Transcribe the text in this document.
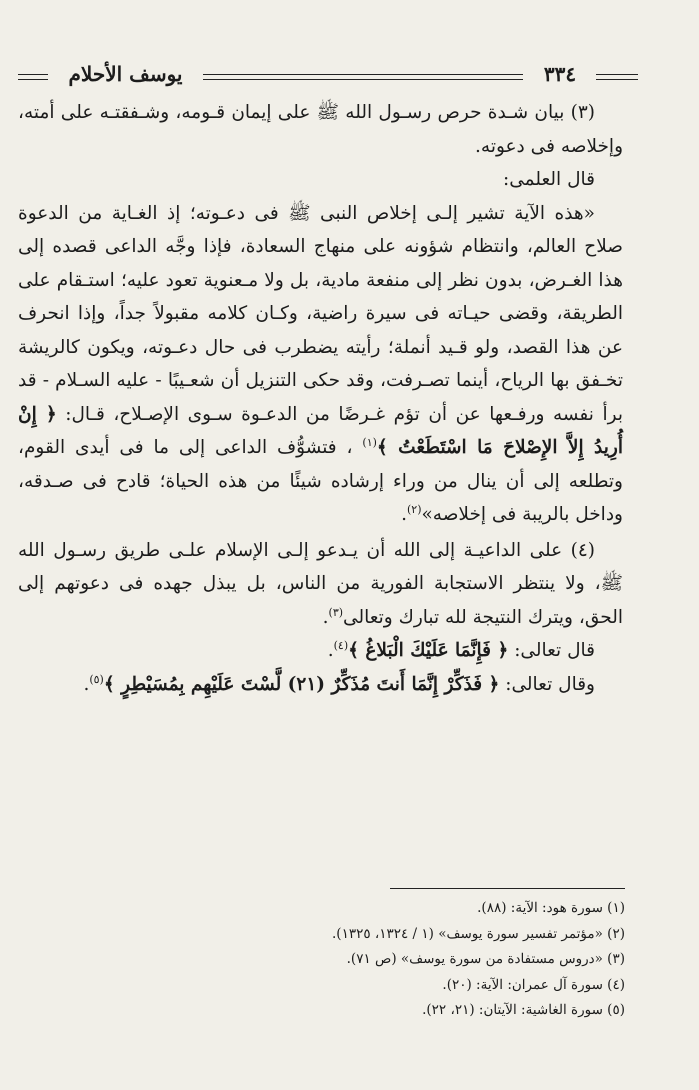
يوسف الأحلام	٣٣٤

(٣) بيان شـدة حرص رسـول الله ﷺ على إيمان قـومه، وشـفقتـه على أمته، وإخلاصه فى دعوته.

قال العلمى:

«هذه الآية تشير إلـى إخلاص النبى ﷺ فى دعـوته؛ إذ الغـاية من الدعوة صلاح العالم، وانتظام شؤونه على منهاج السعادة، فإذا وجَّه الداعى قصده إلى هذا الغـرض، بدون نظر إلى منفعة مادية، بل ولا مـعنوية تعود عليه؛ استـقام على الطريقة، وقضى حيـاته فى سيرة راضية، وكـان كلامه مقبولاً جداً، وإذا انحرف عن هذا القصد، ولو قـيد أنملة؛ رأيته يضطرب فى حال دعـوته، ويكون كالريشة تخـفق بها الرياح، أينما تصـرفت، وقد حكى التنزيل أن شعـيبًا - عليه السـلام - قد برأ نفسه ورفـعها عن أن تؤم غـرضًا من الدعـوة سـوى الإصـلاح، قـال: ﴿ إِنْ أُرِيدُ إِلاَّ الإِصْلاحَ مَا اسْتَطَعْتُ ﴾$^{(١)}$ ، فتشوُّف الداعى إلى ما فى أيدى القوم، وتطلعه إلى أن ينال من وراء إرشاده شيئًا من هذه الحياة؛ قادح فى صـدقه، وداخل بالريبة فى إخلاصه»$^{(٢)}$.

(٤) على الداعيـة إلى الله أن يـدعو إلـى الإسلام علـى طريق رسـول الله ﷺ، ولا ينتظر الاستجابة الفورية من الناس، بل يبذل جهده فى دعوتهم إلى الحق، ويترك النتيجة لله تبارك وتعالى$^{(٣)}$.

قال تعالى: ﴿ فَإِنَّمَا عَلَيْكَ الْبَلاغُ ﴾$^{(٤)}$.

وقال تعالى: ﴿ فَذَكِّرْ إِنَّمَا أَنتَ مُذَكِّرٌ (٢١) لَّسْتَ عَلَيْهِم بِمُسَيْطِرٍ ﴾$^{(٥)}$.

(١) سورة هود: الآية: (٨٨).
(٢) «مؤتمر تفسير سورة يوسف» (١ / ١٣٢٤، ١٣٢٥).
(٣) «دروس مستفادة من سورة يوسف» (ص ٧١).
(٤) سورة آل عمران: الآية: (٢٠).
(٥) سورة الغاشية: الآيتان: (٢١، ٢٢).
